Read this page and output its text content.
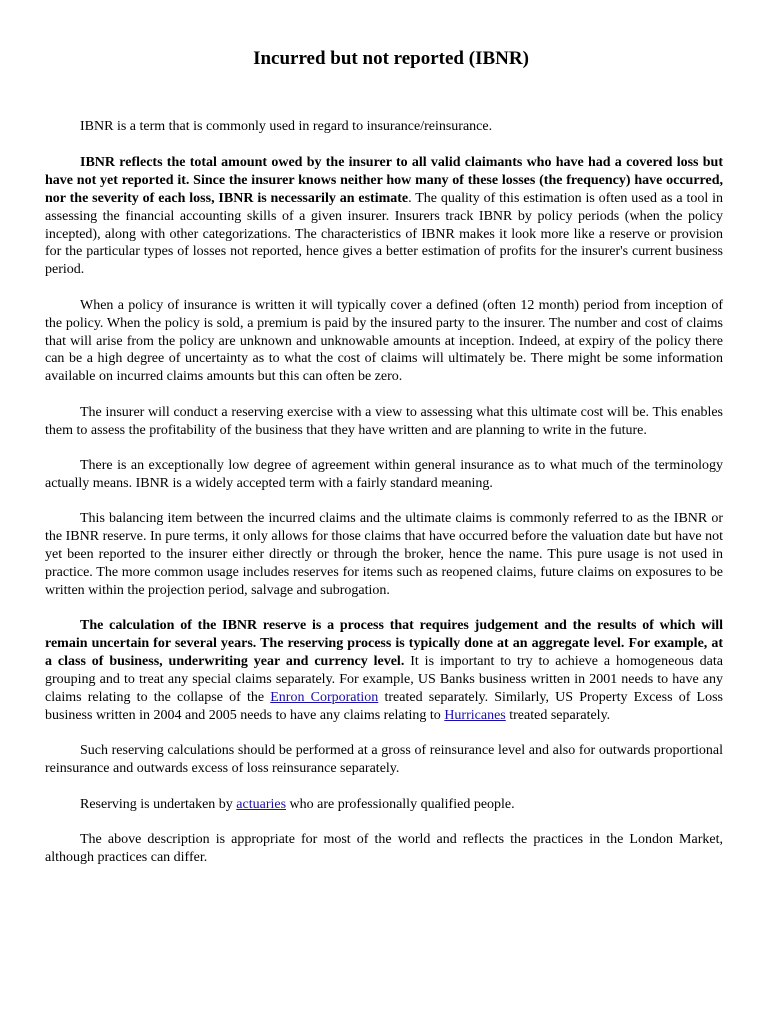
Incurred but not reported (IBNR)

IBNR is a term that is commonly used in regard to insurance/reinsurance.

IBNR reflects the total amount owed by the insurer to all valid claimants who have had a covered loss but have not yet reported it. Since the insurer knows neither how many of these losses (the frequency) have occurred, nor the severity of each loss, IBNR is necessarily an estimate. The quality of this estimation is often used as a tool in assessing the financial accounting skills of a given insurer. Insurers track IBNR by policy periods (when the policy incepted), along with other categorizations. The characteristics of IBNR makes it look more like a reserve or provision for the particular types of losses not reported, hence gives a better estimation of profits for the insurer's current business period.

When a policy of insurance is written it will typically cover a defined (often 12 month) period from inception of the policy. When the policy is sold, a premium is paid by the insured party to the insurer. The number and cost of claims that will arise from the policy are unknown and unknowable amounts at inception. Indeed, at expiry of the policy there can be a high degree of uncertainty as to what the cost of claims will ultimately be. There might be some information available on incurred claims amounts but this can often be zero.

The insurer will conduct a reserving exercise with a view to assessing what this ultimate cost will be. This enables them to assess the profitability of the business that they have written and are planning to write in the future.

There is an exceptionally low degree of agreement within general insurance as to what much of the terminology actually means. IBNR is a widely accepted term with a fairly standard meaning.

This balancing item between the incurred claims and the ultimate claims is commonly referred to as the IBNR or the IBNR reserve. In pure terms, it only allows for those claims that have occurred before the valuation date but have not yet been reported to the insurer either directly or through the broker, hence the name. This pure usage is not used in practice. The more common usage includes reserves for items such as reopened claims, future claims on exposures to be written within the projection period, salvage and subrogation.

The calculation of the IBNR reserve is a process that requires judgement and the results of which will remain uncertain for several years. The reserving process is typically done at an aggregate level. For example, at a class of business, underwriting year and currency level. It is important to try to achieve a homogeneous data grouping and to treat any special claims separately. For example, US Banks business written in 2001 needs to have any claims relating to the collapse of the Enron Corporation treated separately. Similarly, US Property Excess of Loss business written in 2004 and 2005 needs to have any claims relating to Hurricanes treated separately.

Such reserving calculations should be performed at a gross of reinsurance level and also for outwards proportional reinsurance and outwards excess of loss reinsurance separately.

Reserving is undertaken by actuaries who are professionally qualified people.

The above description is appropriate for most of the world and reflects the practices in the London Market, although practices can differ.
